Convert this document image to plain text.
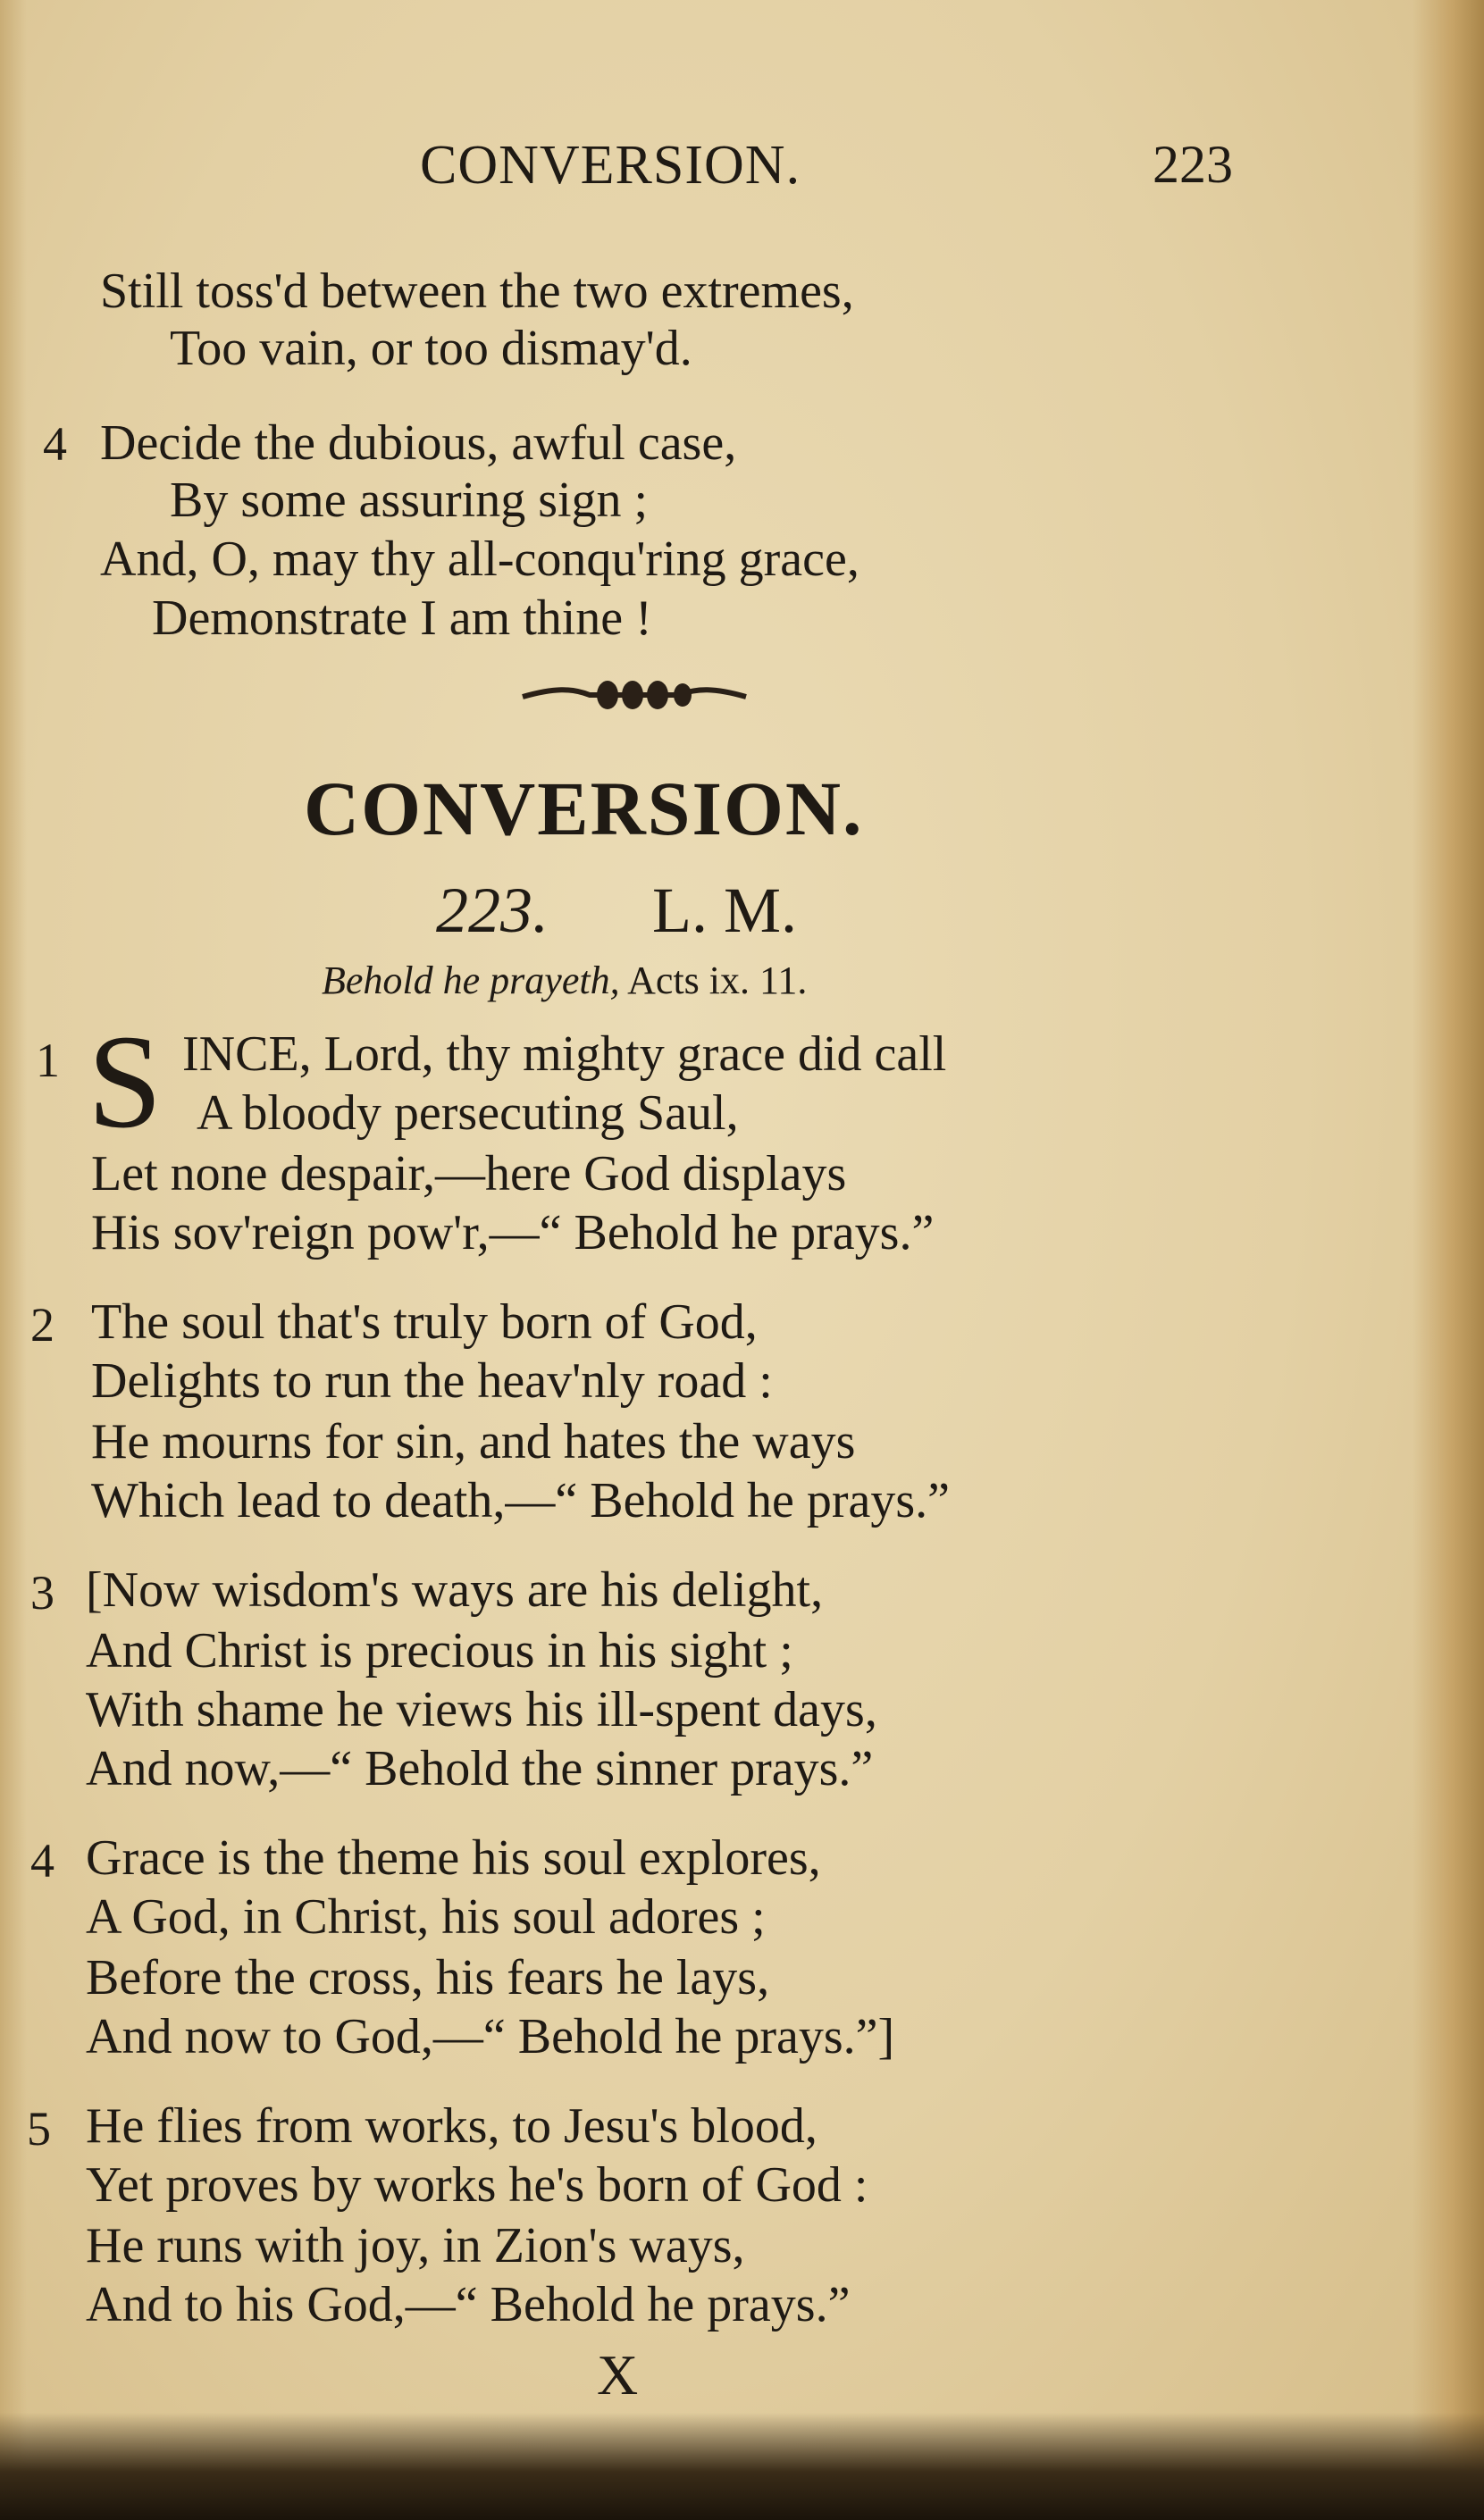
CONVERSION.	223
Still toss'd between the two extremes,
Too vain, or too dismay'd.
4 Decide the dubious, awful case,
By some assuring sign ;
And, O, may thy all-conqu'ring grace,
Demonstrate I am thine !
CONVERSION.
223. L. M.
Behold he prayeth, Acts ix. 11.
1 S INCE, Lord, thy mighty grace did call
A bloody persecuting Saul,
Let none despair,—here God displays
His sov'reign pow'r,—“ Behold he prays.”
2 The soul that's truly born of God,
Delights to run the heav'nly road :
He mourns for sin, and hates the ways
Which lead to death,—“ Behold he prays.”
3 [Now wisdom's ways are his delight,
And Christ is precious in his sight ;
With shame he views his ill-spent days,
And now,—“ Behold the sinner prays.”
4 Grace is the theme his soul explores,
A God, in Christ, his soul adores ;
Before the cross, his fears he lays,
And now to God,—“ Behold he prays.”]
5 He flies from works, to Jesu's blood,
Yet proves by works he's born of God :
He runs with joy, in Zion's ways,
And to his God,—“ Behold he prays.”
X
